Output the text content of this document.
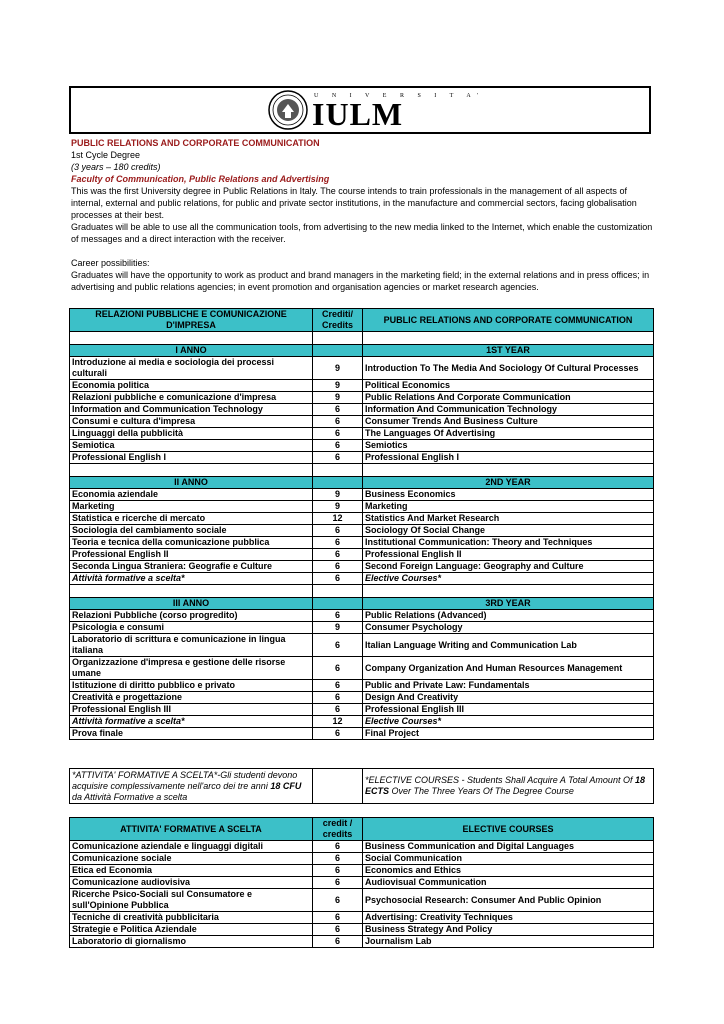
U N I V E R S I T A'
IULM

PUBLIC RELATIONS AND CORPORATE COMMUNICATION

1st Cycle Degree

(3 years – 180 credits)

Faculty of Communication, Public Relations and Advertising

This was the first University degree in Public Relations in Italy. The course intends to train professionals in the management of all aspects of internal, external and public relations, for public and private sector institutions, in the manufacture and commercial sectors, facing globalisation processes at their best.

Graduates will be able to use all the communication tools, from advertising to the new media linked to the Internet, which enable the customization of messages and a direct interaction with the receiver.

Career possibilities:

Graduates will have the opportunity to work as product and brand managers in the marketing field; in the external relations and in press offices; in advertising and public relations agencies; in event promotion and organisation agencies or market research agencies.

RELAZIONI PUBBLICHE E COMUNICAZIONE D'IMPRESA	Crediti/ Credits	PUBLIC RELATIONS AND CORPORATE COMMUNICATION

I ANNO		1ST YEAR
Introduzione ai media e sociologia dei processi culturali	9	Introduction To The Media And Sociology Of Cultural Processes
Economia politica	9	Political Economics
Relazioni pubbliche e comunicazione d'impresa	9	Public Relations And Corporate Communication
Information and Communication Technology	6	Information And Communication Technology
Consumi e cultura d'impresa	6	Consumer Trends And Business Culture
Linguaggi della pubblicità	6	The Languages Of Advertising
Semiotica	6	Semiotics
Professional English I	6	Professional English I

II ANNO		2ND YEAR
Economia aziendale	9	Business Economics
Marketing	9	Marketing
Statistica e ricerche di mercato	12	Statistics And Market Research
Sociologia del cambiamento sociale	6	Sociology Of Social Change
Teoria e tecnica della comunicazione pubblica	6	Institutional Communication: Theory and Techniques
Professional English II	6	Professional English II
Seconda Lingua Straniera: Geografie e Culture	6	Second Foreign Language: Geography and Culture
Attività formative a scelta*	6	Elective Courses*

III ANNO		3RD YEAR
Relazioni Pubbliche (corso progredito)	6	Public Relations (Advanced)
Psicologia e consumi	9	Consumer Psychology
Laboratorio di scrittura e comunicazione in lingua italiana	6	Italian Language Writing and Communication Lab
Organizzazione d'impresa e gestione delle risorse umane	6	Company Organization And Human Resources Management
Istituzione di diritto pubblico e privato	6	Public and Private Law: Fundamentals
Creatività e progettazione	6	Design And Creativity
Professional English III	6	Professional English III
Attività formative a scelta*	12	Elective Courses*
Prova finale	6	Final Project
*ATTIVITA' FORMATIVE A SCELTA*-Gli studenti devono acquisire complessivamente nell'arco dei tre anni 18 CFU da Attività Formative a scelta		*ELECTIVE COURSES - Students Shall Acquire A Total Amount Of 18 ECTS Over The Three Years Of The Degree Course
ATTIVITA' FORMATIVE A SCELTA	credit / credits	ELECTIVE COURSES
Comunicazione aziendale e linguaggi digitali	6	Business Communication and Digital Languages
Comunicazione sociale	6	Social Communication
Etica ed Economia	6	Economics and Ethics
Comunicazione audiovisiva	6	Audiovisual Communication
Ricerche Psico-Sociali sul Consumatore e sull'Opinione Pubblica	6	Psychosocial Research: Consumer And Public Opinion
Tecniche di creatività pubblicitaria	6	Advertising: Creativity Techniques
Strategie e Politica Aziendale	6	Business Strategy And Policy
Laboratorio di giornalismo	6	Journalism Lab
